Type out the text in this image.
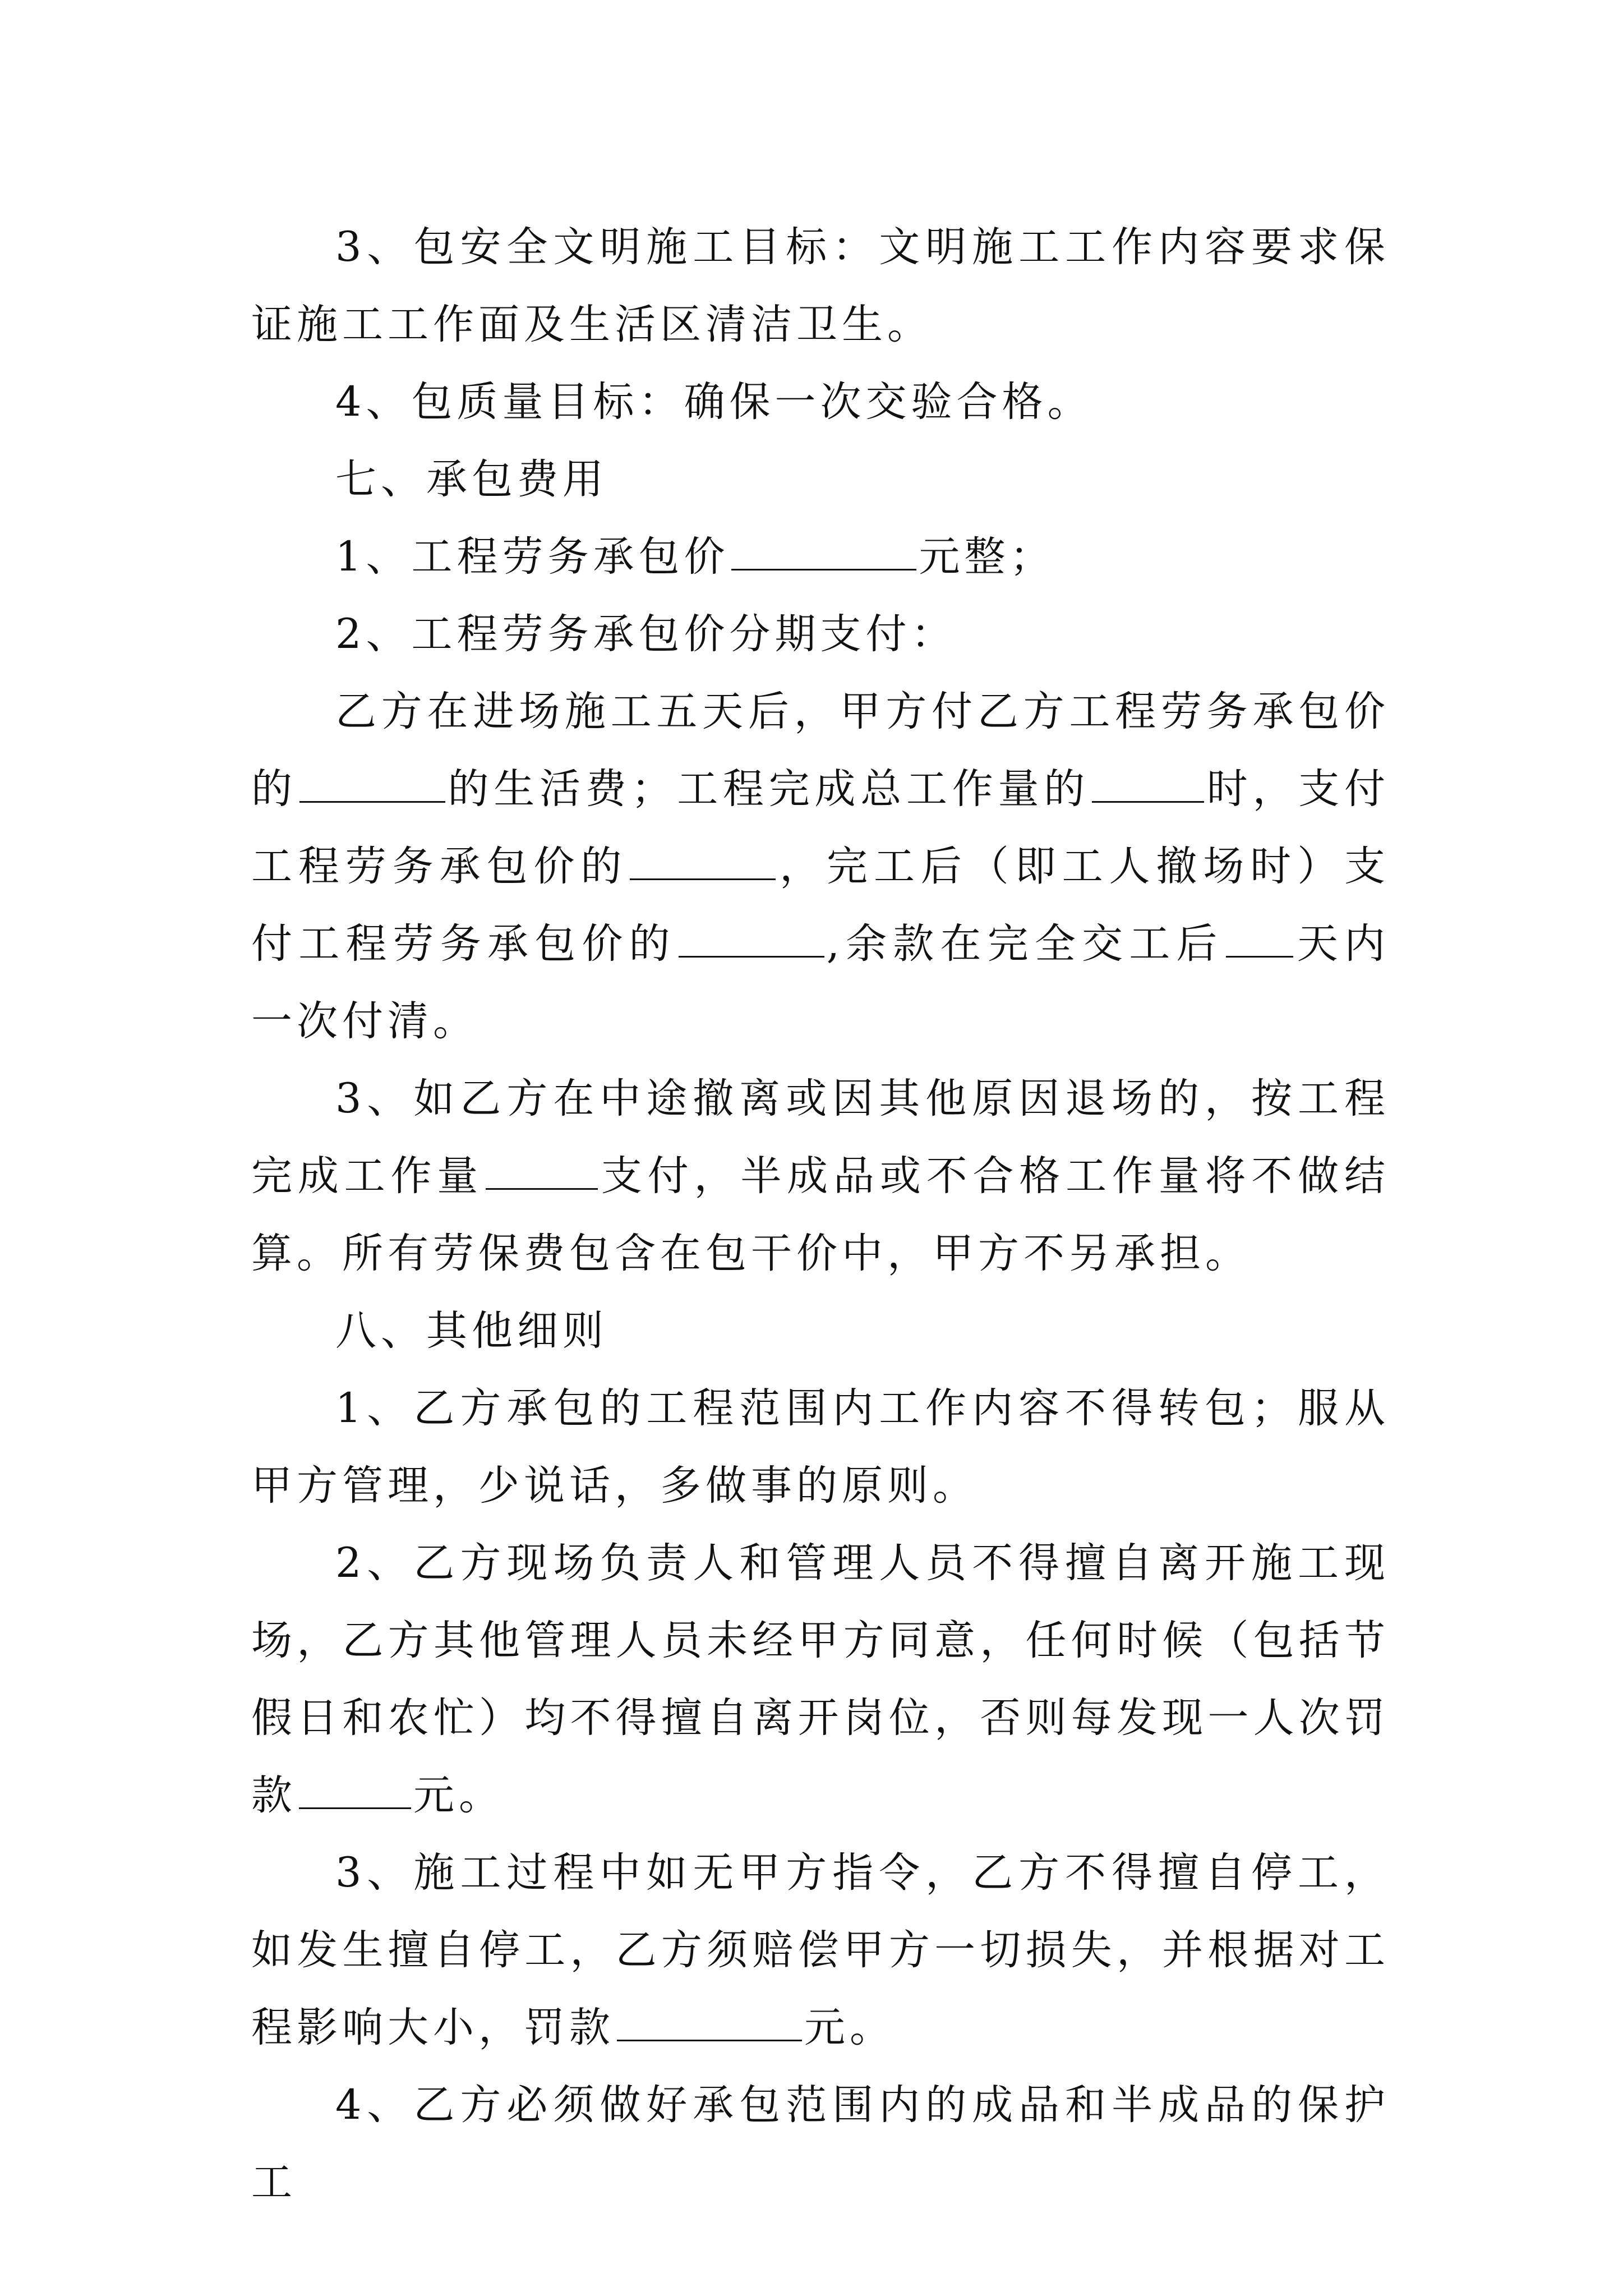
3、包安全文明施工目标：文明施工工作内容要求保证施工工作面及生活区清洁卫生。

4、包质量目标：确保一次交验合格。

七、承包费用

1、工程劳务承包价	元整；

2、工程劳务承包价分期支付：

乙方在进场施工五天后，甲方付乙方工程劳务承包价的	的生活费；工程完成总工作量的	时，支付工程劳务承包价的	，完工后（即工人撤场时）支付工程劳务承包价的	,余款在完全交工后 天内一次付清。

3、如乙方在中途撤离或因其他原因退场的，按工程完成工作量	支付，半成品或不合格工作量将不做结算。所有劳保费包含在包干价中，甲方不另承担。

八、其他细则

1、乙方承包的工程范围内工作内容不得转包；服从甲方管理，少说话，多做事的原则。

2、乙方现场负责人和管理人员不得擅自离开施工现场，乙方其他管理人员未经甲方同意，任何时候（包括节假日和农忙）均不得擅自离开岗位，否则每发现一人次罚款	元。

3、施工过程中如无甲方指令，乙方不得擅自停工，如发生擅自停工，乙方须赔偿甲方一切损失，并根据对工程影响大小，罚款	元。

4、乙方必须做好承包范围内的成品和半成品的保护工
